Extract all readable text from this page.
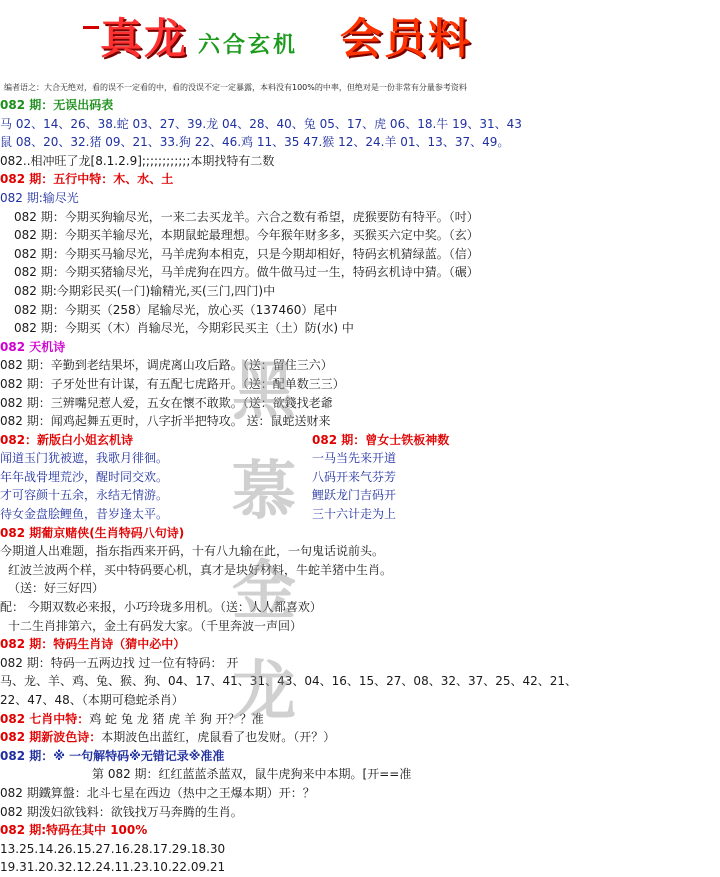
真龙 六合玄机 会员料
编者语之：大合无绝对，看的误不一定看的中，看的没误不定一定暴露，本料没有100%的中率，但绝对是一份非常有分量参考资料
082 期：无误出码表
马 02、14、26、38.蛇 03、27、39.龙 04、28、40、兔 05、17、虎 06、18.牛 19、31、43
鼠 08、20、32.猪 09、21、33.狗 22、46.鸡 11、35 47.猴 12、24.羊 01、13、37、49。
082..相冲旺了龙[8.1.2.9];;;;;;;;;;;;本期找特有二数
082 期：五行中特：木、水、土
082 期:输尽光
082 期：今期买狗输尽光，一来二去买龙羊。六合之数有希望，虎猴要防有特平。（吋）
082 期：今期买羊输尽光，本期鼠蛇最理想。今年猴年财多多，买猴买六定中奖。（玄）
082 期：今期买马输尽光，马羊虎狗本相克，只是今期却相好，特码玄机猜绿蓝。（信）
082 期：今期买猪输尽光，马羊虎狗在四方。做牛做马过一生，特码玄机诗中猜。（碾）
082 期:今期彩民买(一门)输精光,买(三门,四门)中
082 期：今期买（258）尾输尽光，放心买（137460）尾中
082 期：今期买（木）肖输尽光，今期彩民买主（土）防(水) 中
082 天机诗
082 期：辛勤到老结果坏，调虎离山攻后路。（送：留住三六）
082 期：子牙处世有计谋，有五配七虎路开。（送：配单数三三）
082 期：三辨嘴兒惹人爱，五女在懷不敢欺。（送：欲錢找老爺
082 期：闻鸡起舞五更时，八字折半把特攻。 送：鼠蛇送财来
082：新版白小姐玄机诗	082 期：曾女士铁板神数
闻道玉门犹被遮，我歌月徘徊。	一马当先来开道
年年战骨埋荒沙，醒时同交欢。	八码开来气芬芳
才可容颜十五余，永结无情游。	鲤跃龙门吉码开
待女金盘脍鲤鱼，昔岁逢太平。	三十六计走为上
082 期葡京赌侠(生肖特码八句诗)
今期道人出难题，指东指西来开码，十有八九输在此，一句鬼话说前头。
红波兰波两个样，买中特码要心机，真才是块好材料，牛蛇羊猪中生肖。
（送：好三好四）
配： 今期双数必来报，小巧玲珑多用机。（送：人人都喜欢）
十二生肖排第六，金土有码发大家。（千里奔波一声回）
082 期：特码生肖诗（猜中必中）
082 期：特码一五两边找 过一位有特码： 开
马、龙、羊、鸡、兔、猴、狗、04、17、41、31、43、04、16、15、27、08、32、37、25、42、21、
22、47、48、（本期可稳蛇杀肖）
082 七肖中特：鸡 蛇 兔 龙 猪 虎 羊 狗 开？？准
082 期新波色诗：本期波色出蓝红，虎鼠看了也发财。（开？）
082 期：※ 一句解特码※无错记录※准准
第 082 期：红红蓝蓝杀蓝双，鼠牛虎狗来中本期。[开==准
082 期鐵算盤：北斗七星在西边（热中之王爆本期）开：？
082 期泼妇欲钱料：欲钱找万马奔腾的生肖。
082 期:特码在其中 100%
13.25.14.26.15.27.16.28.17.29.18.30
19.31.20.32.12.24.11.23.10.22.09.21
黑
慕
金
龙
